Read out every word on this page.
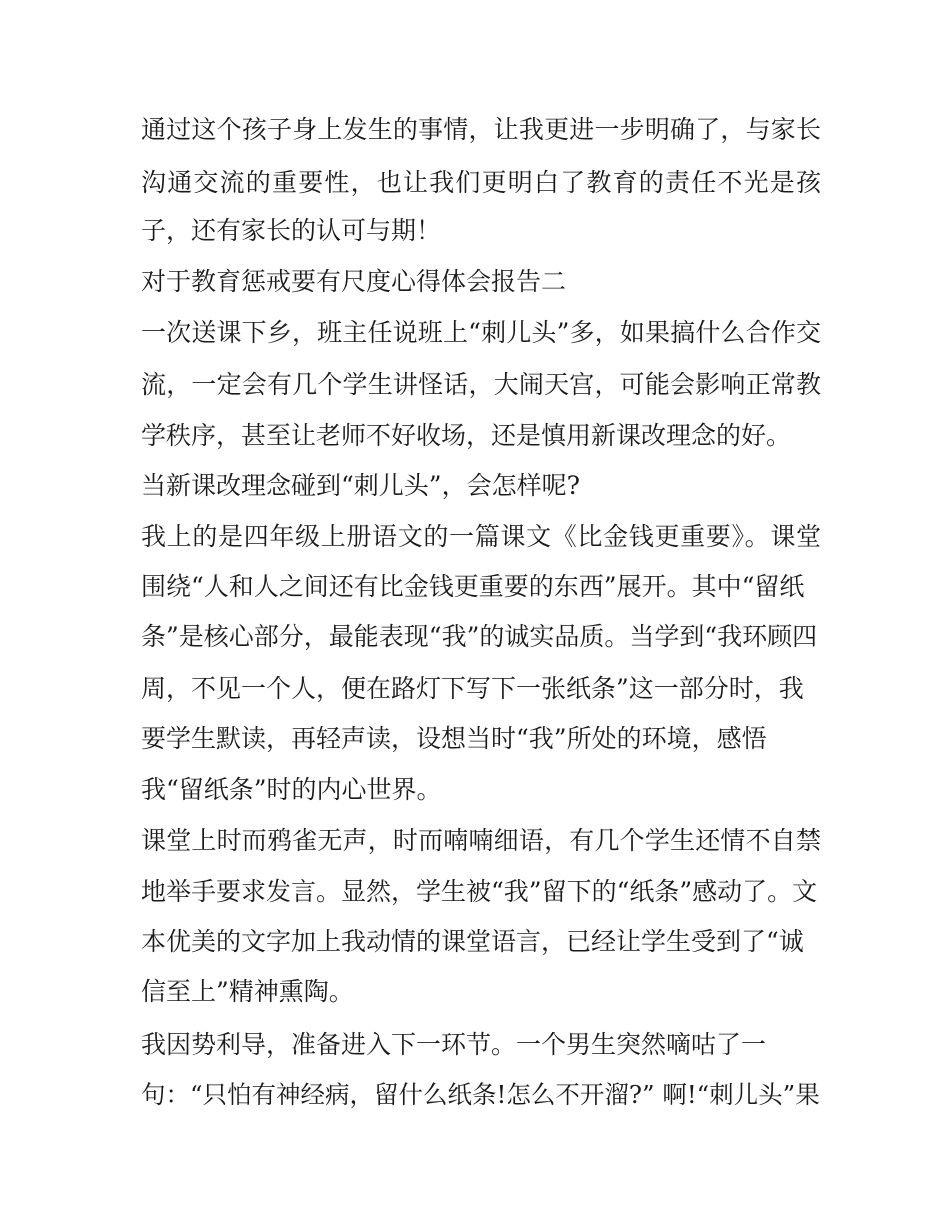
通过这个孩子身上发生的事情，让我更进一步明确了，与家长
沟通交流的重要性，也让我们更明白了教育的责任不光是孩
子，还有家长的认可与期！
对于教育惩戒要有尺度心得体会报告二
一次送课下乡，班主任说班上“刺儿头”多，如果搞什么合作交
流，一定会有几个学生讲怪话，大闹天宫，可能会影响正常教
学秩序，甚至让老师不好收场，还是慎用新课改理念的好。
当新课改理念碰到“刺儿头”，会怎样呢?
我上的是四年级上册语文的一篇课文《比金钱更重要》。课堂
围绕“人和人之间还有比金钱更重要的东西”展开。其中“留纸
条”是核心部分，最能表现“我”的诚实品质。当学到“我环顾四
周，不见一个人，便在路灯下写下一张纸条”这一部分时，我
要学生默读，再轻声读，设想当时“我”所处的环境，感悟
我“留纸条”时的内心世界。
课堂上时而鸦雀无声，时而喃喃细语，有几个学生还情不自禁
地举手要求发言。显然，学生被“我”留下的“纸条”感动了。文
本优美的文字加上我动情的课堂语言，已经让学生受到了“诚
信至上”精神熏陶。
我因势利导，准备进入下一环节。一个男生突然嘀咕了一
句：“只怕有神经病，留什么纸条!怎么不开溜?” 啊!“刺儿头”果
